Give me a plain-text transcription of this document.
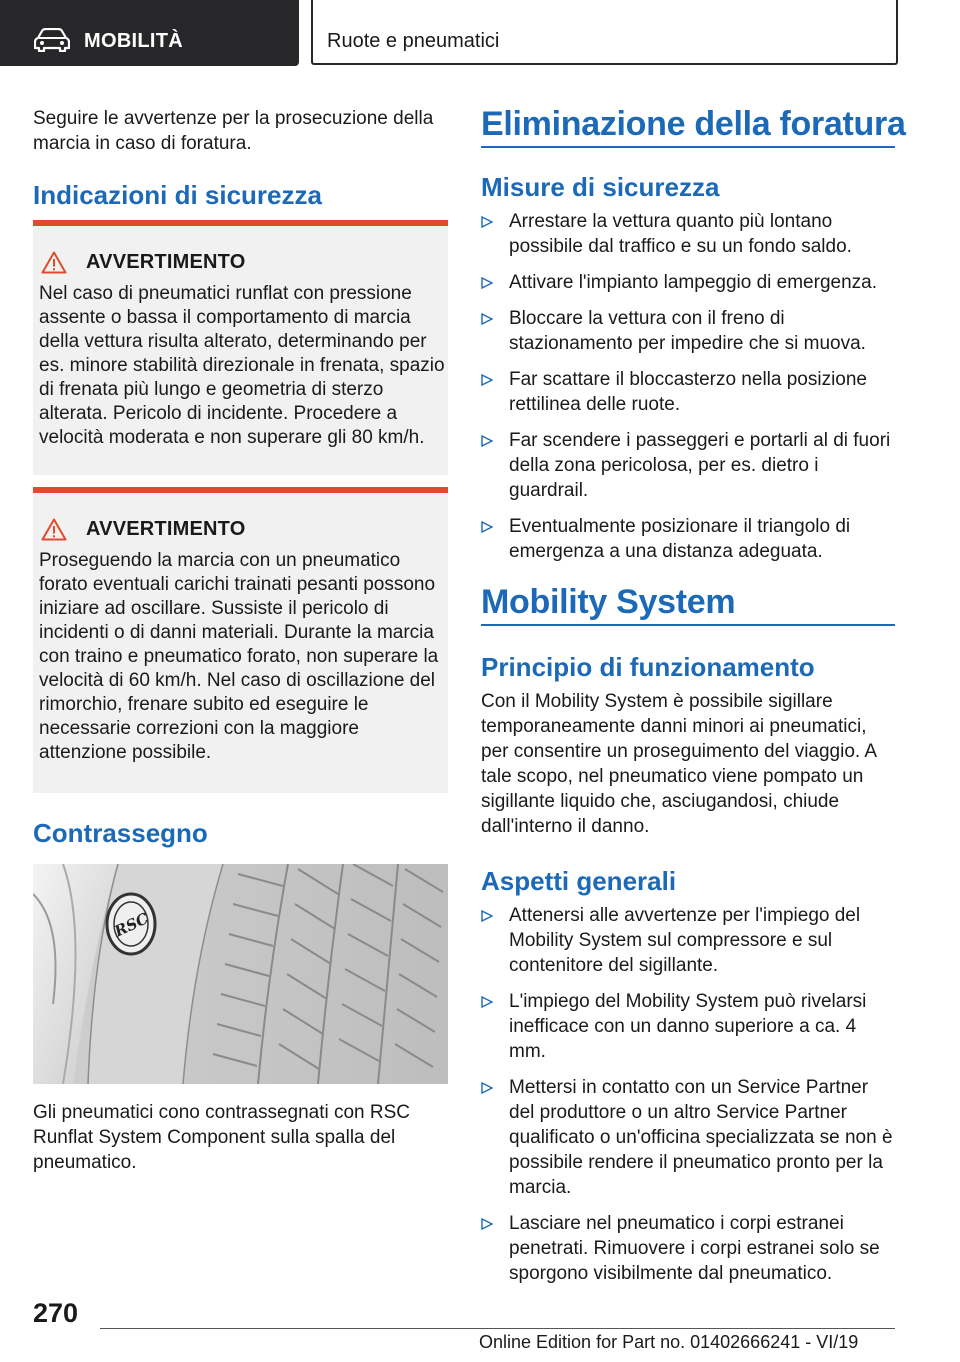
MOBILITÀ	Ruote e pneumatici
Seguire le avvertenze per la prosecuzione della marcia in caso di foratura.
Indicazioni di sicurezza
AVVERTIMENTO
Nel caso di pneumatici runflat con pressione assente o bassa il comportamento di marcia della vettura risulta alterato, determinando per es. minore stabilità direzionale in frenata, spazio di frenata più lungo e geometria di sterzo alterata. Pericolo di incidente. Procedere a velocità moderata e non superare gli 80 km/h.
AVVERTIMENTO
Proseguendo la marcia con un pneumatico forato eventuali carichi trainati pesanti possono iniziare ad oscillare. Sussiste il pericolo di incidenti o di danni materiali. Durante la marcia con traino e pneumatico forato, non superare la velocità di 60 km/h. Nel caso di oscillazione del rimorchio, frenare subito ed eseguire le necessarie correzioni con la maggiore attenzione possibile.
Contrassegno
RSC
Gli pneumatici cono contrassegnati con RSC Runflat System Component sulla spalla del pneumatico.
Eliminazione della foratura
Misure di sicurezza
Arrestare la vettura quanto più lontano possibile dal traffico e su un fondo saldo.
Attivare l'impianto lampeggio di emergenza.
Bloccare la vettura con il freno di stazionamento per impedire che si muova.
Far scattare il bloccasterzo nella posizione rettilinea delle ruote.
Far scendere i passeggeri e portarli al di fuori della zona pericolosa, per es. dietro i guardrail.
Eventualmente posizionare il triangolo di emergenza a una distanza adeguata.
Mobility System
Principio di funzionamento
Con il Mobility System è possibile sigillare temporaneamente danni minori ai pneumatici, per consentire un proseguimento del viaggio. A tale scopo, nel pneumatico viene pompato un sigillante liquido che, asciugandosi, chiude dall'interno il danno.
Aspetti generali
Attenersi alle avvertenze per l'impiego del Mobility System sul compressore e sul contenitore del sigillante.
L'impiego del Mobility System può rivelarsi inefficace con un danno superiore a ca. 4 mm.
Mettersi in contatto con un Service Partner del produttore o un altro Service Partner qualificato o un'officina specializzata se non è possibile rendere il pneumatico pronto per la marcia.
Lasciare nel pneumatico i corpi estranei penetrati. Rimuovere i corpi estranei solo se sporgono visibilmente dal pneumatico.
270
Online Edition for Part no. 01402666241 - VI/19
